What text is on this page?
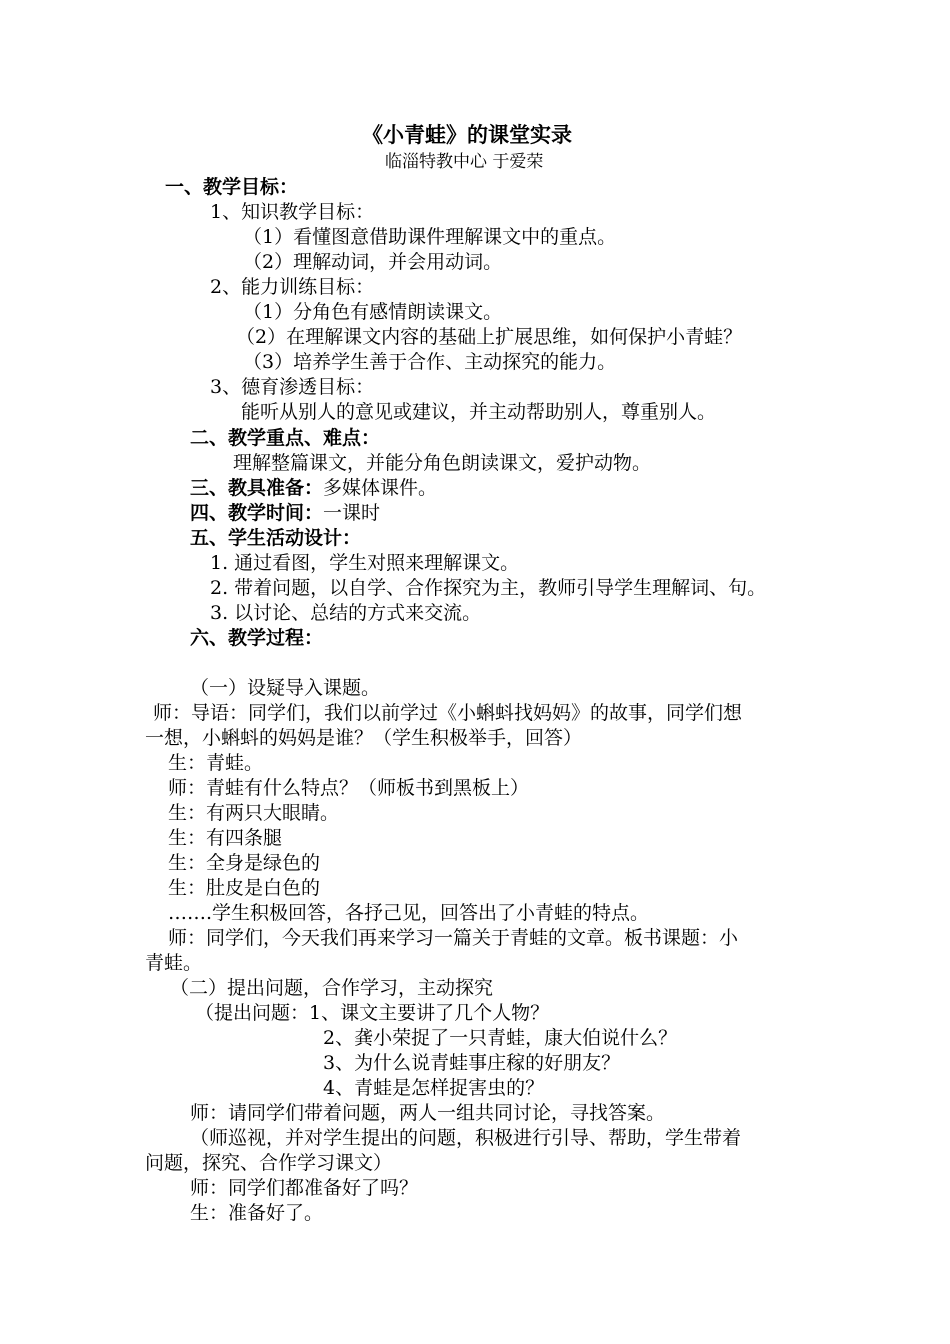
《小青蛙》的课堂实录
临淄特教中心 于爱荣
一、教学目标：
1、知识教学目标：
（1）看懂图意借助课件理解课文中的重点。
（2）理解动词，并会用动词。
2、能力训练目标：
（1）分角色有感情朗读课文。
（2）在理解课文内容的基础上扩展思维，如何保护小青蛙？
（3）培养学生善于合作、主动探究的能力。
3、德育渗透目标：
能听从别人的意见或建议，并主动帮助别人，尊重别人。
二、教学重点、难点：
理解整篇课文，并能分角色朗读课文，爱护动物。
三、教具准备：多媒体课件。
四、教学时间：一课时
五、学生活动设计：
1. 通过看图，学生对照来理解课文。
2. 带着问题，以自学、合作探究为主，教师引导学生理解词、句。
3. 以讨论、总结的方式来交流。
六、教学过程：
（一）设疑导入课题。
师：导语：同学们，我们以前学过《小蝌蚪找妈妈》的故事，同学们想
一想，小蝌蚪的妈妈是谁？（学生积极举手，回答）
生：青蛙。
师：青蛙有什么特点？（师板书到黑板上）
生：有两只大眼睛。
生：有四条腿
生：全身是绿色的
生：肚皮是白色的
…….学生积极回答，各抒己见，回答出了小青蛙的特点。
师：同学们，今天我们再来学习一篇关于青蛙的文章。板书课题：小
青蛙。
（二）提出问题，合作学习，主动探究
（提出问题：1、课文主要讲了几个人物？
2、龚小荣捉了一只青蛙，康大伯说什么？
3、为什么说青蛙事庄稼的好朋友？
4、青蛙是怎样捉害虫的？
师：请同学们带着问题，两人一组共同讨论，寻找答案。
（师巡视，并对学生提出的问题，积极进行引导、帮助，学生带着
问题，探究、合作学习课文）
师：同学们都准备好了吗？
生：准备好了。
